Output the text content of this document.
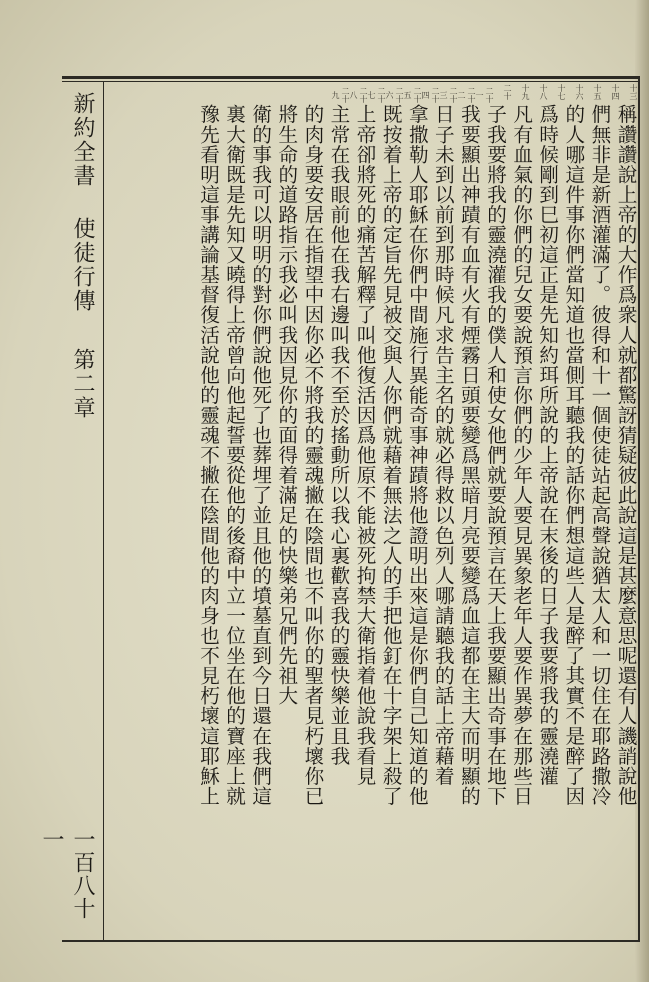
新約全書 使徒行傳 第二章
一百八十一
十三
十四
十五
十六
十七
十八
十九
二十
二十一
二十二
二十三
二十四
二十五
二十六
二十七
二十八
二十九
稱讚讚說上帝的大作爲衆人就都驚訝猜疑彼此說這是甚麼意思呢還有人譏誚說他
們無非是新酒灌滿了。彼得和十一個使徒站起高聲說猶太人和一切住在耶路撒冷
的人哪這件事你們當知道也當側耳聽我的話你們想這些人是醉了其實不是醉了因
爲時候剛到巳初這正是先知約珥所說的上帝說在末後的日子我要將我的靈澆灌
凡有血氣的你們的兒女要說預言你們的少年人要見異象老年人要作異夢在那些日
子我要將我的靈澆灌我的僕人和使女他們就要說預言在天上我要顯出奇事在地下
我要顯出神蹟有血有火有煙霧日頭要變爲黑暗月亮要變爲血這都在主大而明顯的
日子未到以前到那時候凡求告主名的就必得救以色列人哪請聽我的話上帝藉着
拿撒勒人耶穌在你們中間施行異能奇事神蹟將他證明出來這是你們自己知道的他
既按着上帝的定旨先見被交與人你們就藉着無法之人的手把他釘在十字架上殺了
上帝卻將死的痛苦解釋了叫他復活因爲他原不能被死拘禁大衛指着他說我看見
主常在我眼前他在我右邊叫我不至於搖動所以我心裏歡喜我的靈快樂並且我
的肉身要安居在指望中因你必不將我的靈魂撇在陰間也不叫你的聖者見朽壞你已
將生命的道路指示我必叫我因見你的面得着滿足的快樂弟兄們先祖大
衛的事我可以明明的對你們說他死了也葬埋了並且他的墳墓直到今日還在我們這
裏大衛既是先知又曉得上帝曾向他起誓要從他的後裔中立一位坐在他的寶座上就
豫先看明這事講論基督復活說他的靈魂不撇在陰間他的肉身也不見朽壞這耶穌上
